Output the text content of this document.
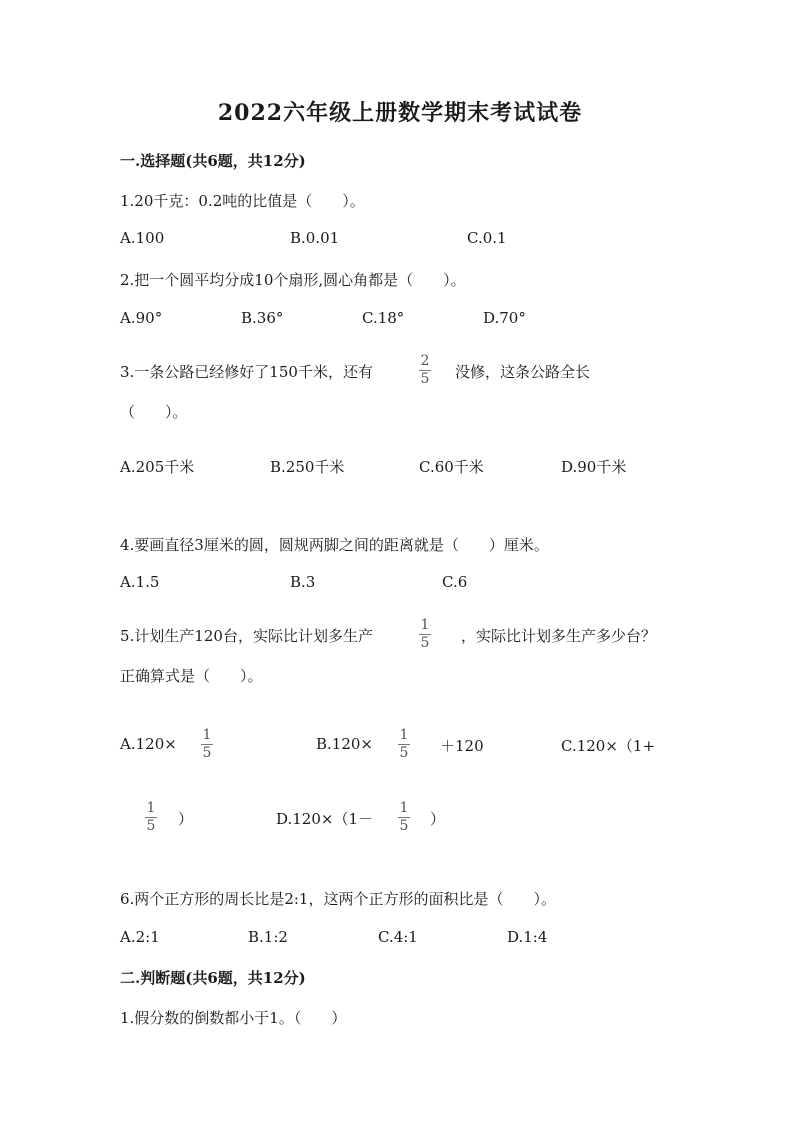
2022六年级上册数学期末考试试卷
一.选择题(共6题，共12分)
1.20千克：0.2吨的比值是（　　）。
A.100	B.0.01	C.0.1
2.把一个圆平均分成10个扇形,圆心角都是（　　）。
A.90°	B.36°	C.18°	D.70°
3.一条公路已经修好了150千米，还有
2
5 没修，这条公路全长
（　　）。
A.205千米	B.250千米	C.60千米	D.90千米
4.要画直径3厘米的圆，圆规两脚之间的距离就是（　　）厘米。
A.1.5	B.3	C.6
5.计划生产120台，实际比计划多生产
1
5 ，实际比计划多生产多少台？
正确算式是（　　）。
A.120× 1
5	B.120× 1
5 ＋120	C.120×（1+
1
5 ）	D.120×（1－
1
5 ）
6.两个正方形的周长比是2:1，这两个正方形的面积比是（　　）。
A.2:1	B.1:2	C.4:1	D.1:4
二.判断题(共6题，共12分)
1.假分数的倒数都小于1。（　　）
